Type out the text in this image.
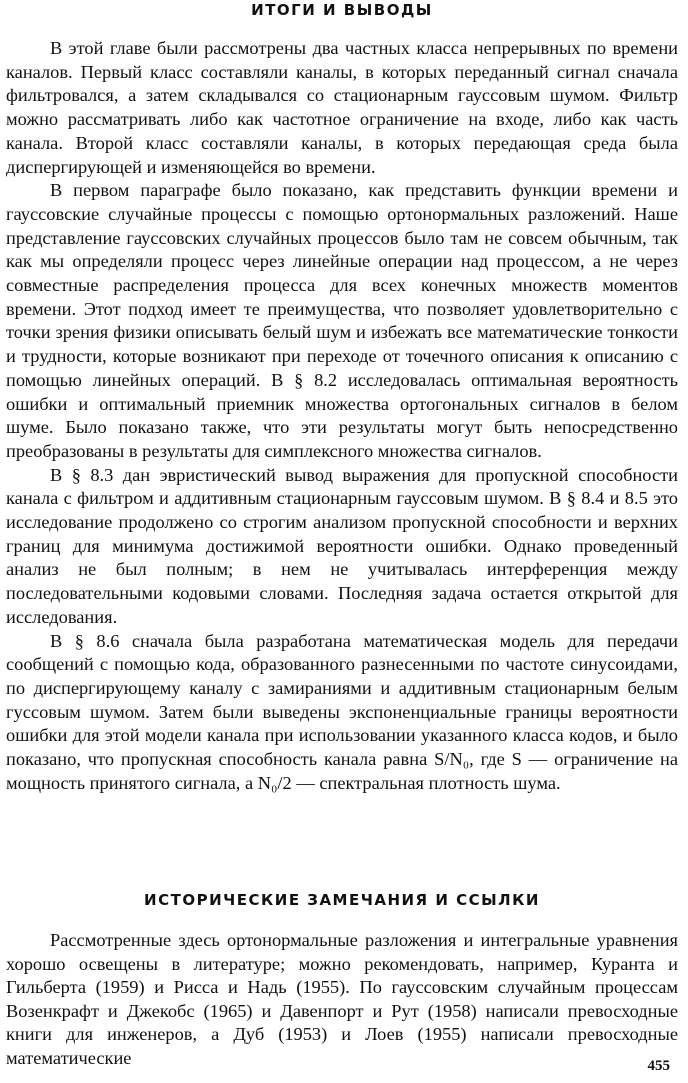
ИТОГИ И ВЫВОДЫ

В этой главе были рассмотрены два частных класса непрерывных по времени каналов. Первый класс составляли каналы, в которых переданный сигнал сначала фильтровался, а затем складывался со стационарным гауссовым шумом. Фильтр можно рассматривать либо как частотное ограничение на входе, либо как часть канала. Второй класс составляли каналы, в которых передающая среда была диспергирующей и изменяющейся во времени.

В первом параграфе было показано, как представить функции времени и гауссовские случайные процессы с помощью ортонормальных разложений. Наше представление гауссовских случайных процессов было там не совсем обычным, так как мы определяли процесс через линейные операции над процессом, а не через совместные распределения процесса для всех конечных множеств моментов времени. Этот подход имеет те преимущества, что позволяет удовлетворительно с точки зрения физики описывать белый шум и избежать все математические тонкости и трудности, которые возникают при переходе от точечного описания к описанию с помощью линейных операций. В § 8.2 исследовалась оптимальная вероятность ошибки и оптимальный приемник множества ортогональных сигналов в белом шуме. Было показано также, что эти результаты могут быть непосредственно преобразованы в результаты для симплексного множества сигналов.

В § 8.3 дан эвристический вывод выражения для пропускной способности канала с фильтром и аддитивным стационарным гауссовым шумом. В § 8.4 и 8.5 это исследование продолжено со строгим анализом пропускной способности и верхних границ для минимума достижимой вероятности ошибки. Однако проведенный анализ не был полным; в нем не учитывалась интерференция между последовательными кодовыми словами. Последняя задача остается открытой для исследования.

В § 8.6 сначала была разработана математическая модель для передачи сообщений с помощью кода, образованного разнесенными по частоте синусоидами, по диспергирующему каналу с замираниями и аддитивным стационарным белым гуссовым шумом. Затем были выведены экспоненциальные границы вероятности ошибки для этой модели канала при использовании указанного класса кодов, и было показано, что пропускная способность канала равна S/N₀, где S — ограничение на мощность принятого сигнала, а N₀/2 — спектральная плотность шума.

ИСТОРИЧЕСКИЕ ЗАМЕЧАНИЯ И ССЫЛКИ

Рассмотренные здесь ортонормальные разложения и интегральные уравнения хорошо освещены в литературе; можно рекомендовать, например, Куранта и Гильберта (1959) и Рисса и Надь (1955). По гауссовским случайным процессам Возенкрафт и Джекобс (1965) и Давенпорт и Рут (1958) написали превосходные книги для инженеров, а Дуб (1953) и Лоев (1955) написали превосходные математические	455
